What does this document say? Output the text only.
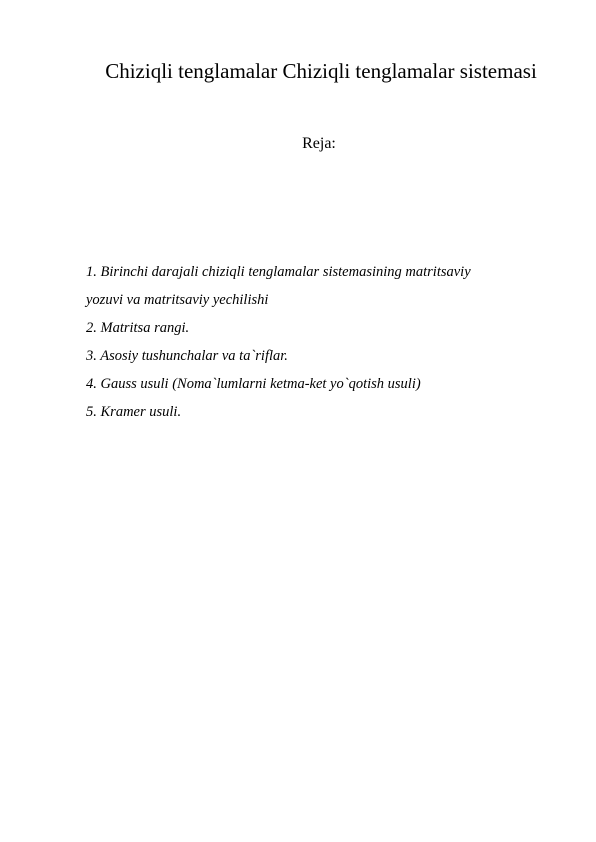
Chiziqli tenglamalar Chiziqli tenglamalar sistemasi
Reja:
1. Birinchi darajali chiziqli tenglamalar sistemasining matritsaviy
yozuvi va matritsaviy yechilishi
2. Matritsa rangi.
3. Asosiy tushunchalar va ta`riflar.
4. Gauss usuli (Noma`lumlarni ketma-ket yo`qotish usuli)
5. Kramer usuli.
